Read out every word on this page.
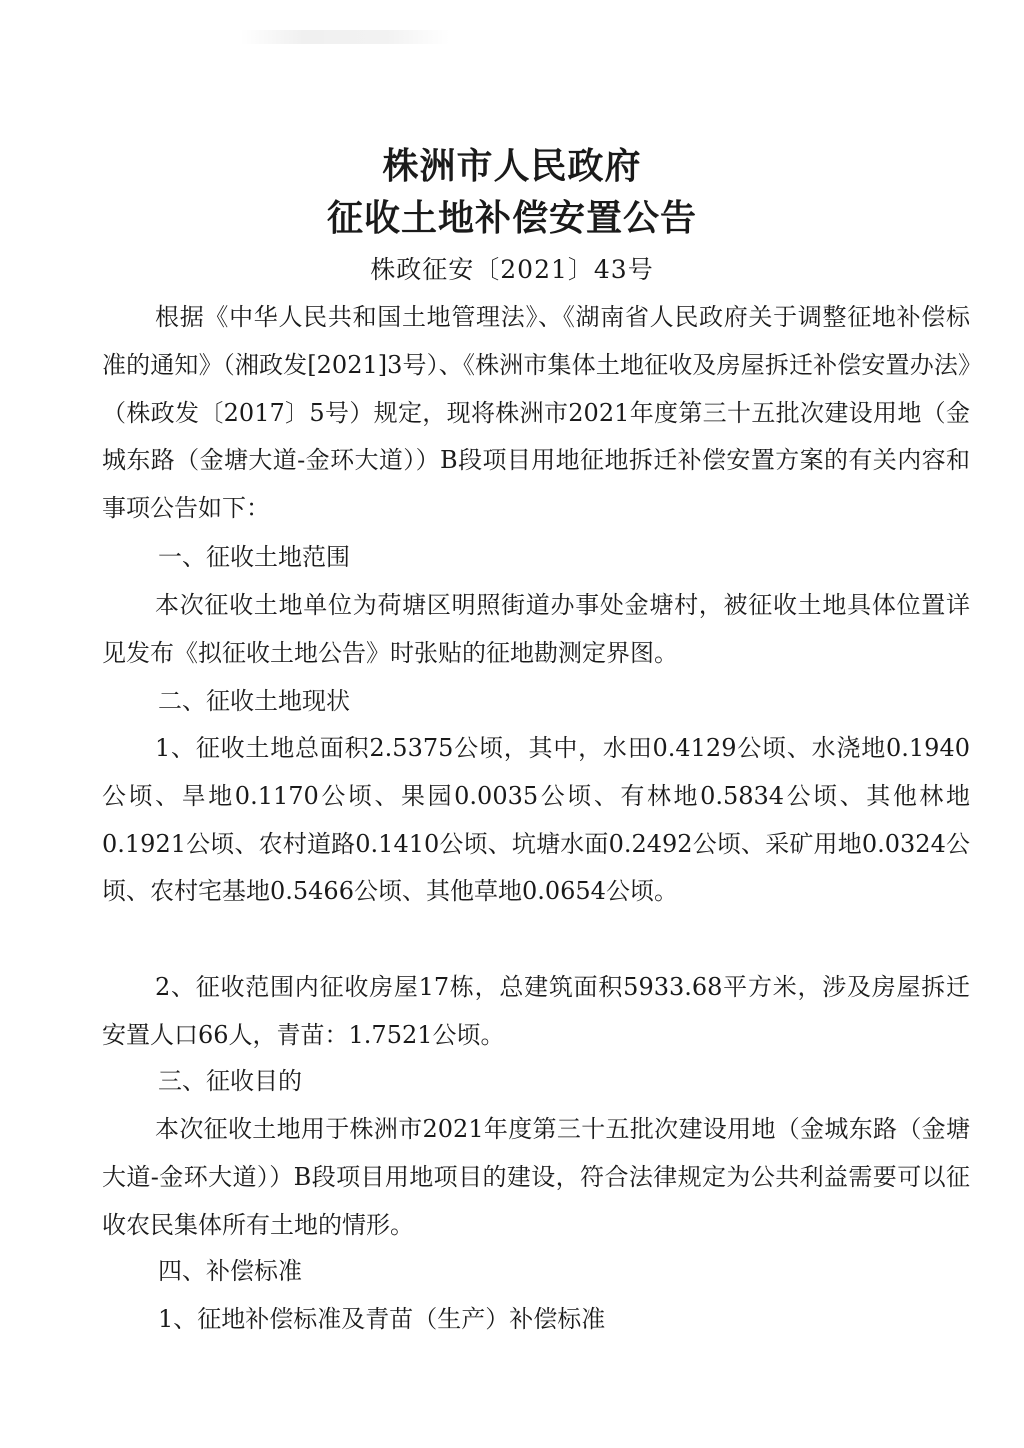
株洲市人民政府
征收土地补偿安置公告
株政征安〔2021〕43号

根据《中华人民共和国土地管理法》、《湖南省人民政府关于调整征地补偿标准的通知》（湘政发[2021]3号）、《株洲市集体土地征收及房屋拆迁补偿安置办法》（株政发〔2017〕5号）规定，现将株洲市2021年度第三十五批次建设用地（金城东路（金塘大道-金环大道））B段项目用地征地拆迁补偿安置方案的有关内容和事项公告如下：

一、征收土地范围

本次征收土地单位为荷塘区明照街道办事处金塘村，被征收土地具体位置详见发布《拟征收土地公告》时张贴的征地勘测定界图。

二、征收土地现状

1、征收土地总面积2.5375公顷，其中，水田0.4129公顷、水浇地0.1940公顷、旱地0.1170公顷、果园0.0035公顷、有林地0.5834公顷、其他林地0.1921公顷、农村道路0.1410公顷、坑塘水面0.2492公顷、采矿用地0.0324公顷、农村宅基地0.5466公顷、其他草地0.0654公顷。

2、征收范围内征收房屋17栋，总建筑面积5933.68平方米，涉及房屋拆迁安置人口66人，青苗：1.7521公顷。

三、征收目的

本次征收土地用于株洲市2021年度第三十五批次建设用地（金城东路（金塘大道-金环大道））B段项目用地项目的建设，符合法律规定为公共利益需要可以征收农民集体所有土地的情形。

四、补偿标准

1、征地补偿标准及青苗（生产）补偿标准
